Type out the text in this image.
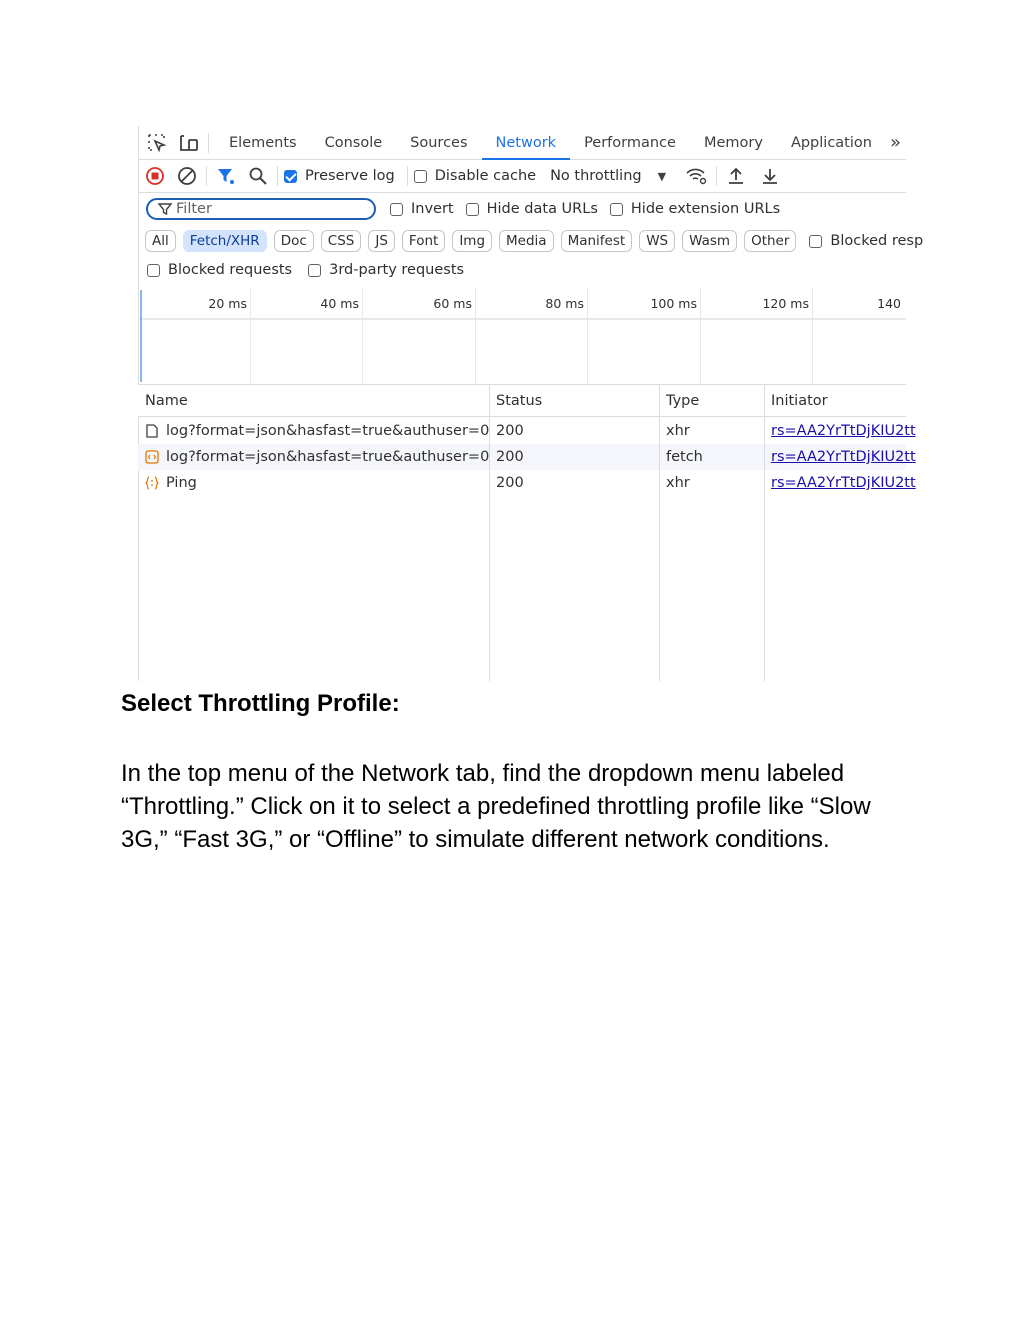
Elements	Console	Sources	Network	Performance	Memory	Application	»
Preserve log	Disable cache No throttling ▼
Filter
Invert Hide data URLs Hide extension URLs
All	Fetch/XHR	Doc	CSS	JS	Font	Img	Media	Manifest	WS	Wasm	Other	Blocked resp
Blocked requests	3rd-party requests
20 ms	40 ms	60 ms	80 ms	100 ms	120 ms	140
Name	Status	Type	Initiator
log?format=json&hasfast=true&authuser=0 200	xhr	rs=AA2YrTtDjKIU2tt
log?format=json&hasfast=true&authuser=0 200	fetch	rs=AA2YrTtDjKIU2tt
Ping	200	xhr	rs=AA2YrTtDjKIU2tt
Select Throttling Profile:

In the top menu of the Network tab, find the dropdown menu labeled “Throttling.” Click on it to select a predefined throttling profile like “Slow 3G,” “Fast 3G,” or “Offline” to simulate different network conditions.
